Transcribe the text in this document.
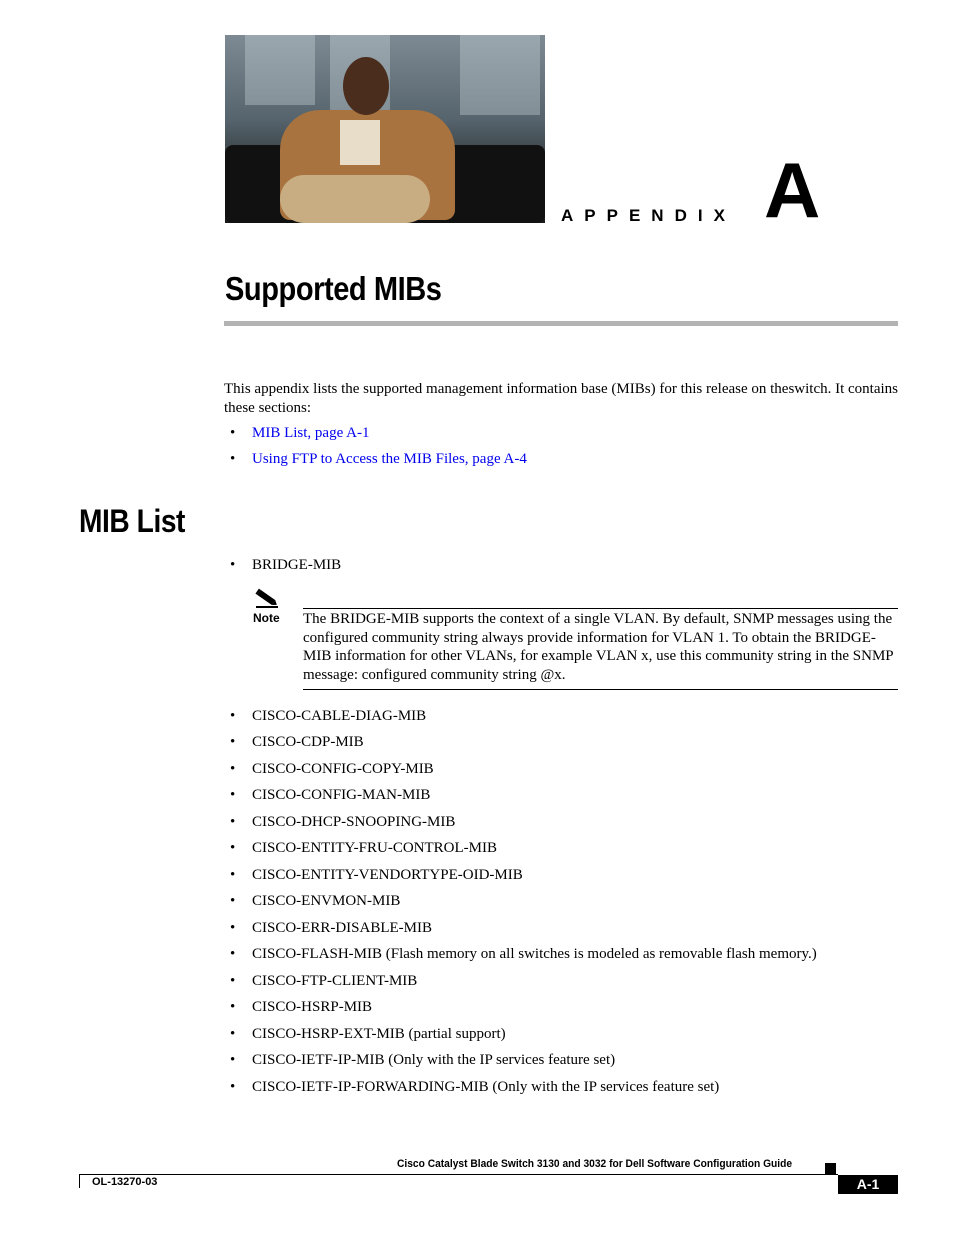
APPENDIX A
Supported MIBs
This appendix lists the supported management information base (MIBs) for this release on theswitch. It contains these sections:
• MIB List, page A-1
• Using FTP to Access the MIB Files, page A-4
MIB List
• BRIDGE-MIB
Note The BRIDGE-MIB supports the context of a single VLAN. By default, SNMP messages using the configured community string always provide information for VLAN 1. To obtain the BRIDGE-MIB information for other VLANs, for example VLAN x, use this community string in the SNMP message: configured community string @x.
• CISCO-CABLE-DIAG-MIB
• CISCO-CDP-MIB
• CISCO-CONFIG-COPY-MIB
• CISCO-CONFIG-MAN-MIB
• CISCO-DHCP-SNOOPING-MIB
• CISCO-ENTITY-FRU-CONTROL-MIB
• CISCO-ENTITY-VENDORTYPE-OID-MIB
• CISCO-ENVMON-MIB
• CISCO-ERR-DISABLE-MIB
• CISCO-FLASH-MIB (Flash memory on all switches is modeled as removable flash memory.)
• CISCO-FTP-CLIENT-MIB
• CISCO-HSRP-MIB
• CISCO-HSRP-EXT-MIB (partial support)
• CISCO-IETF-IP-MIB (Only with the IP services feature set)
• CISCO-IETF-IP-FORWARDING-MIB (Only with the IP services feature set)
Cisco Catalyst Blade Switch 3130 and 3032 for Dell Software Configuration Guide
OL-13270-03	A-1
